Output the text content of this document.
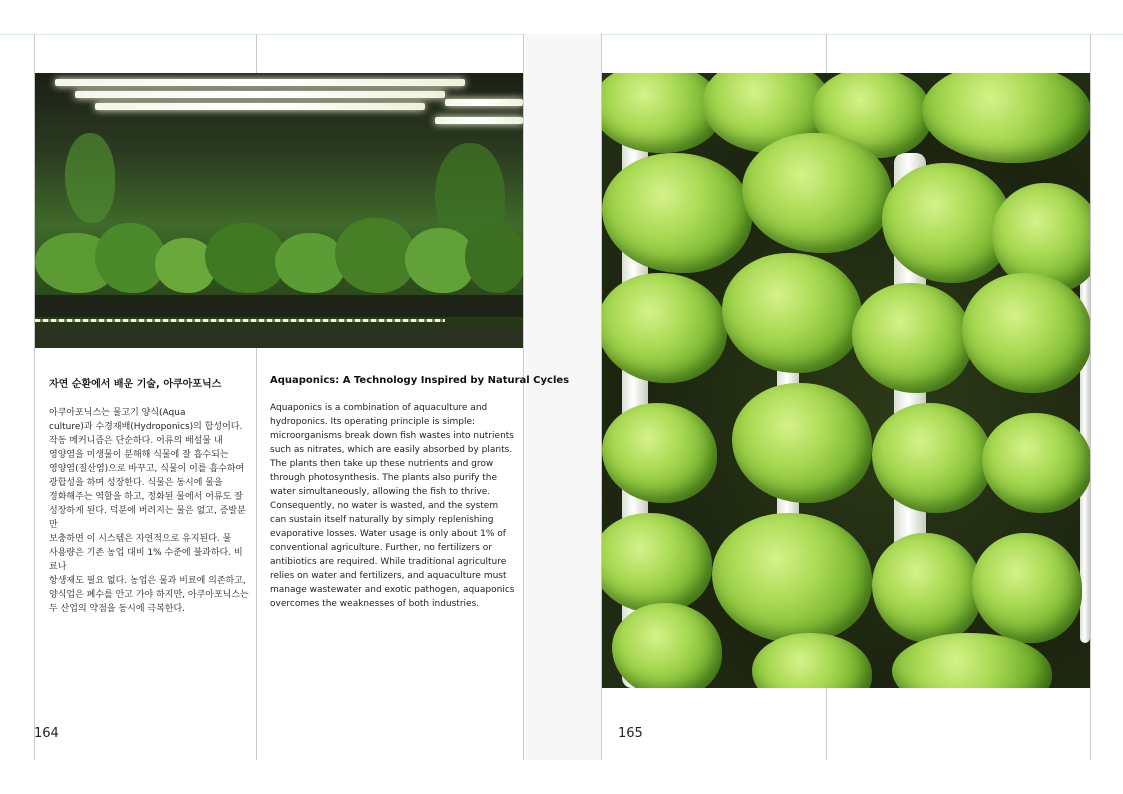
자연 순환에서 배운 기술, 아쿠아포닉스
아쿠아포닉스는 물고기 양식(Aqua
culture)과 수경재배(Hydroponics)의 합성어다.
작동 메커니즘은 단순하다. 어류의 배설물 내
영양염을 미생물이 분해해 식물에 잘 흡수되는
영양염(질산염)으로 바꾸고, 식물이 이를 흡수하여
광합성을 하며 성장한다. 식물은 동시에 물을
정화해주는 역할을 하고, 정화된 물에서 어류도 잘
성장하게 된다. 덕분에 버려지는 물은 없고, 증발분만
보충하면 이 시스템은 자연적으로 유지된다. 물
사용량은 기존 농업 대비 1% 수준에 불과하다. 비료나
항생제도 필요 없다. 농업은 물과 비료에 의존하고,
양식업은 폐수를 안고 가야 하지만, 아쿠아포닉스는
두 산업의 약점을 동시에 극복한다.
Aquaponics: A Technology Inspired by Natural Cycles
Aquaponics is a combination of aquaculture and
hydroponics. Its operating principle is simple:
microorganisms break down fish wastes into nutrients
such as nitrates, which are easily absorbed by plants.
The plants then take up these nutrients and grow
through photosynthesis. The plants also purify the
water simultaneously, allowing the fish to thrive.
Consequently, no water is wasted, and the system
can sustain itself naturally by simply replenishing
evaporative losses. Water usage is only about 1% of
conventional agriculture. Further, no fertilizers or
antibiotics are required. While traditional agriculture
relies on water and fertilizers, and aquaculture must
manage wastewater and exotic pathogen, aquaponics
overcomes the weaknesses of both industries.
164	165
